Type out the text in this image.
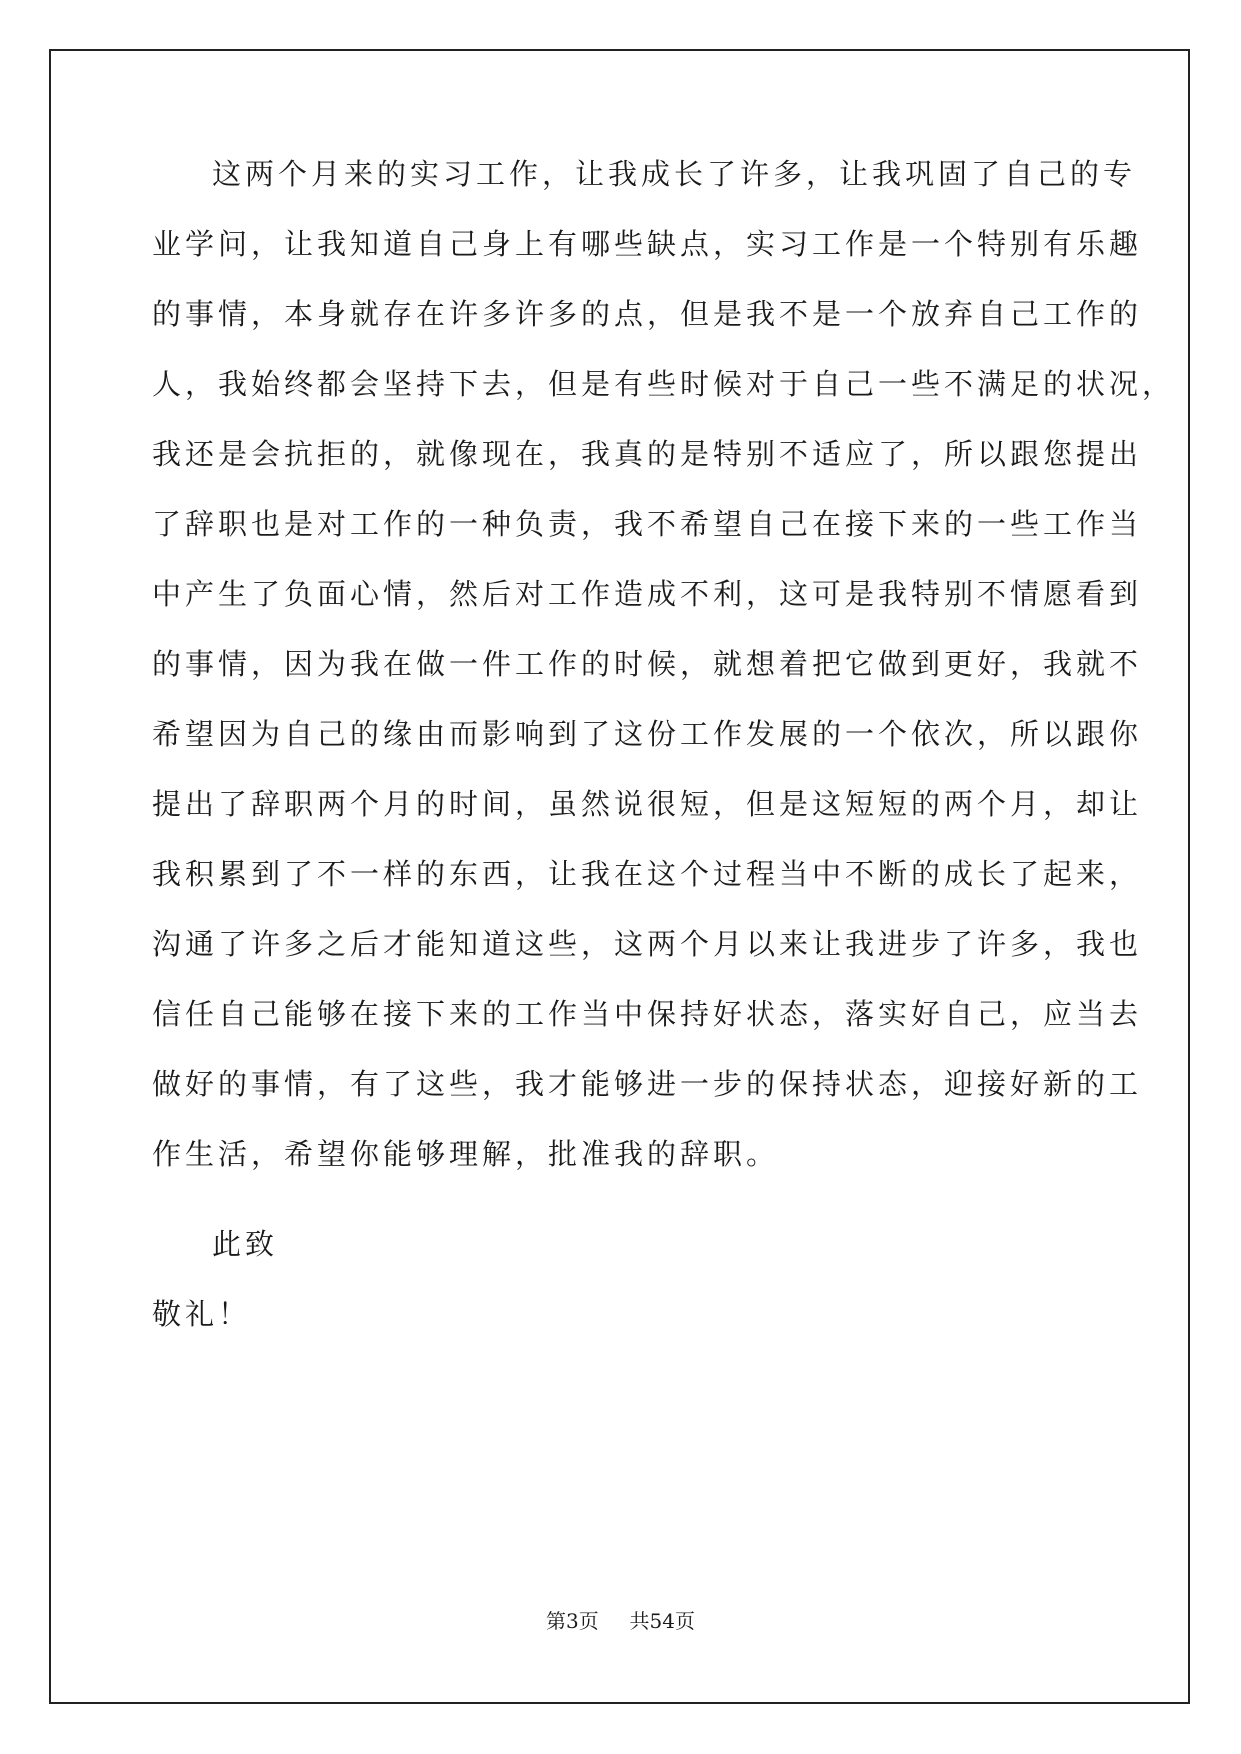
这两个月来的实习工作，让我成长了许多，让我巩固了自己的专
业学问，让我知道自己身上有哪些缺点，实习工作是一个特别有乐趣
的事情，本身就存在许多许多的点，但是我不是一个放弃自己工作的
人，我始终都会坚持下去，但是有些时候对于自己一些不满足的状况，
我还是会抗拒的，就像现在，我真的是特别不适应了，所以跟您提出
了辞职也是对工作的一种负责，我不希望自己在接下来的一些工作当
中产生了负面心情，然后对工作造成不利，这可是我特别不情愿看到
的事情，因为我在做一件工作的时候，就想着把它做到更好，我就不
希望因为自己的缘由而影响到了这份工作发展的一个依次，所以跟你
提出了辞职两个月的时间，虽然说很短，但是这短短的两个月，却让
我积累到了不一样的东西，让我在这个过程当中不断的成长了起来，
沟通了许多之后才能知道这些，这两个月以来让我进步了许多，我也
信任自己能够在接下来的工作当中保持好状态，落实好自己，应当去
做好的事情，有了这些，我才能够进一步的保持状态，迎接好新的工
作生活，希望你能够理解，批准我的辞职。
此致
敬礼！
第3页 共54页
